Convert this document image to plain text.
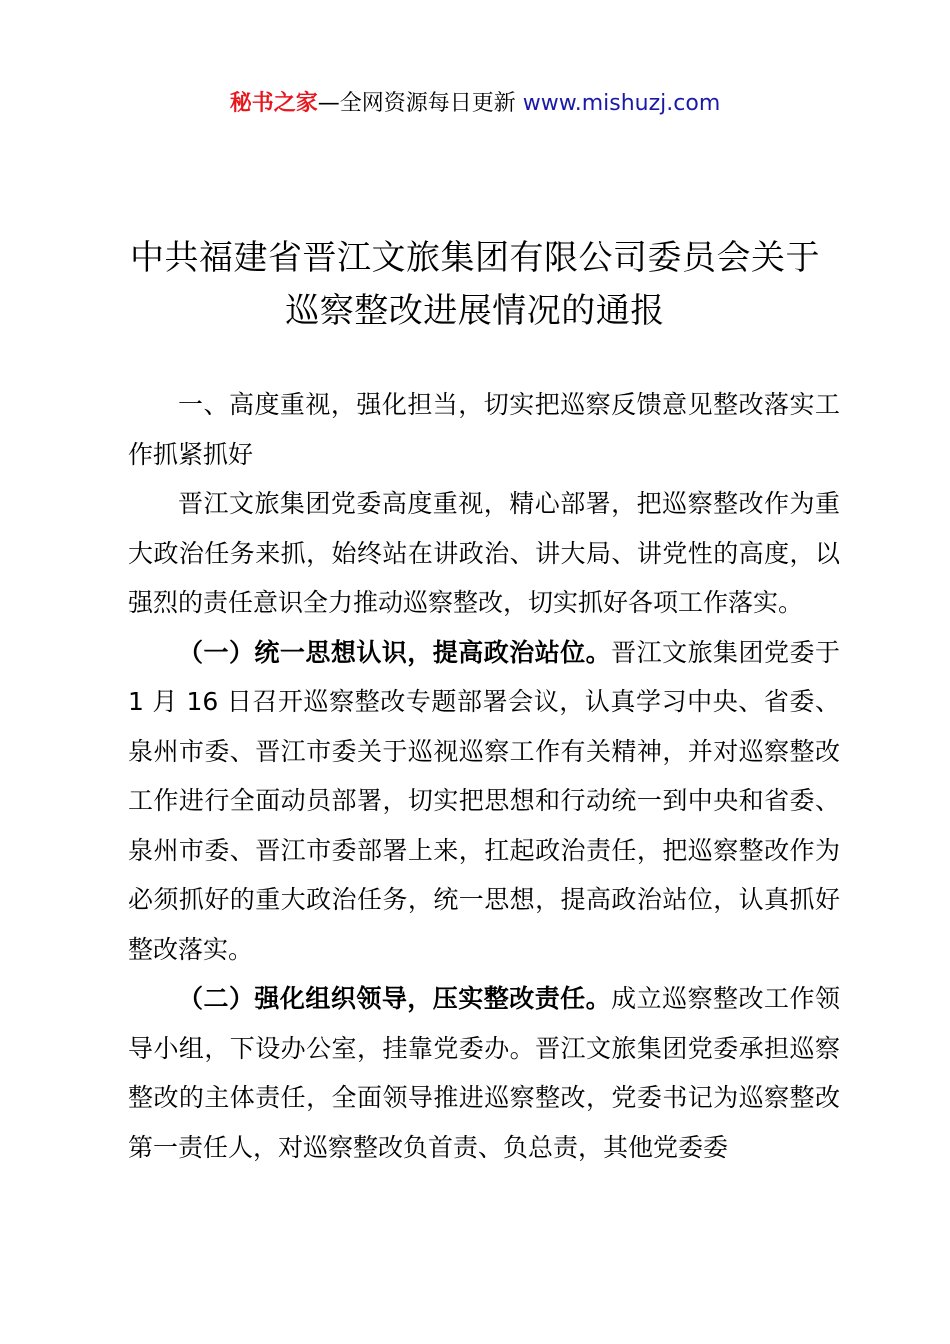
秘书之家—全网资源每日更新 www.mishuzj.com
中共福建省晋江文旅集团有限公司委员会关于
巡察整改进展情况的通报

一、高度重视，强化担当，切实把巡察反馈意见整改落实工作抓紧抓好

晋江文旅集团党委高度重视，精心部署，把巡察整改作为重大政治任务来抓，始终站在讲政治、讲大局、讲党性的高度，以强烈的责任意识全力推动巡察整改，切实抓好各项工作落实。

（一）统一思想认识，提高政治站位。晋江文旅集团党委于 1 月 16 日召开巡察整改专题部署会议，认真学习中央、省委、泉州市委、晋江市委关于巡视巡察工作有关精神，并对巡察整改工作进行全面动员部署，切实把思想和行动统一到中央和省委、泉州市委、晋江市委部署上来，扛起政治责任，把巡察整改作为必须抓好的重大政治任务，统一思想，提高政治站位，认真抓好整改落实。

（二）强化组织领导，压实整改责任。成立巡察整改工作领导小组，下设办公室，挂靠党委办。晋江文旅集团党委承担巡察整改的主体责任，全面领导推进巡察整改，党委书记为巡察整改第一责任人，对巡察整改负首责、负总责，其他党委委
